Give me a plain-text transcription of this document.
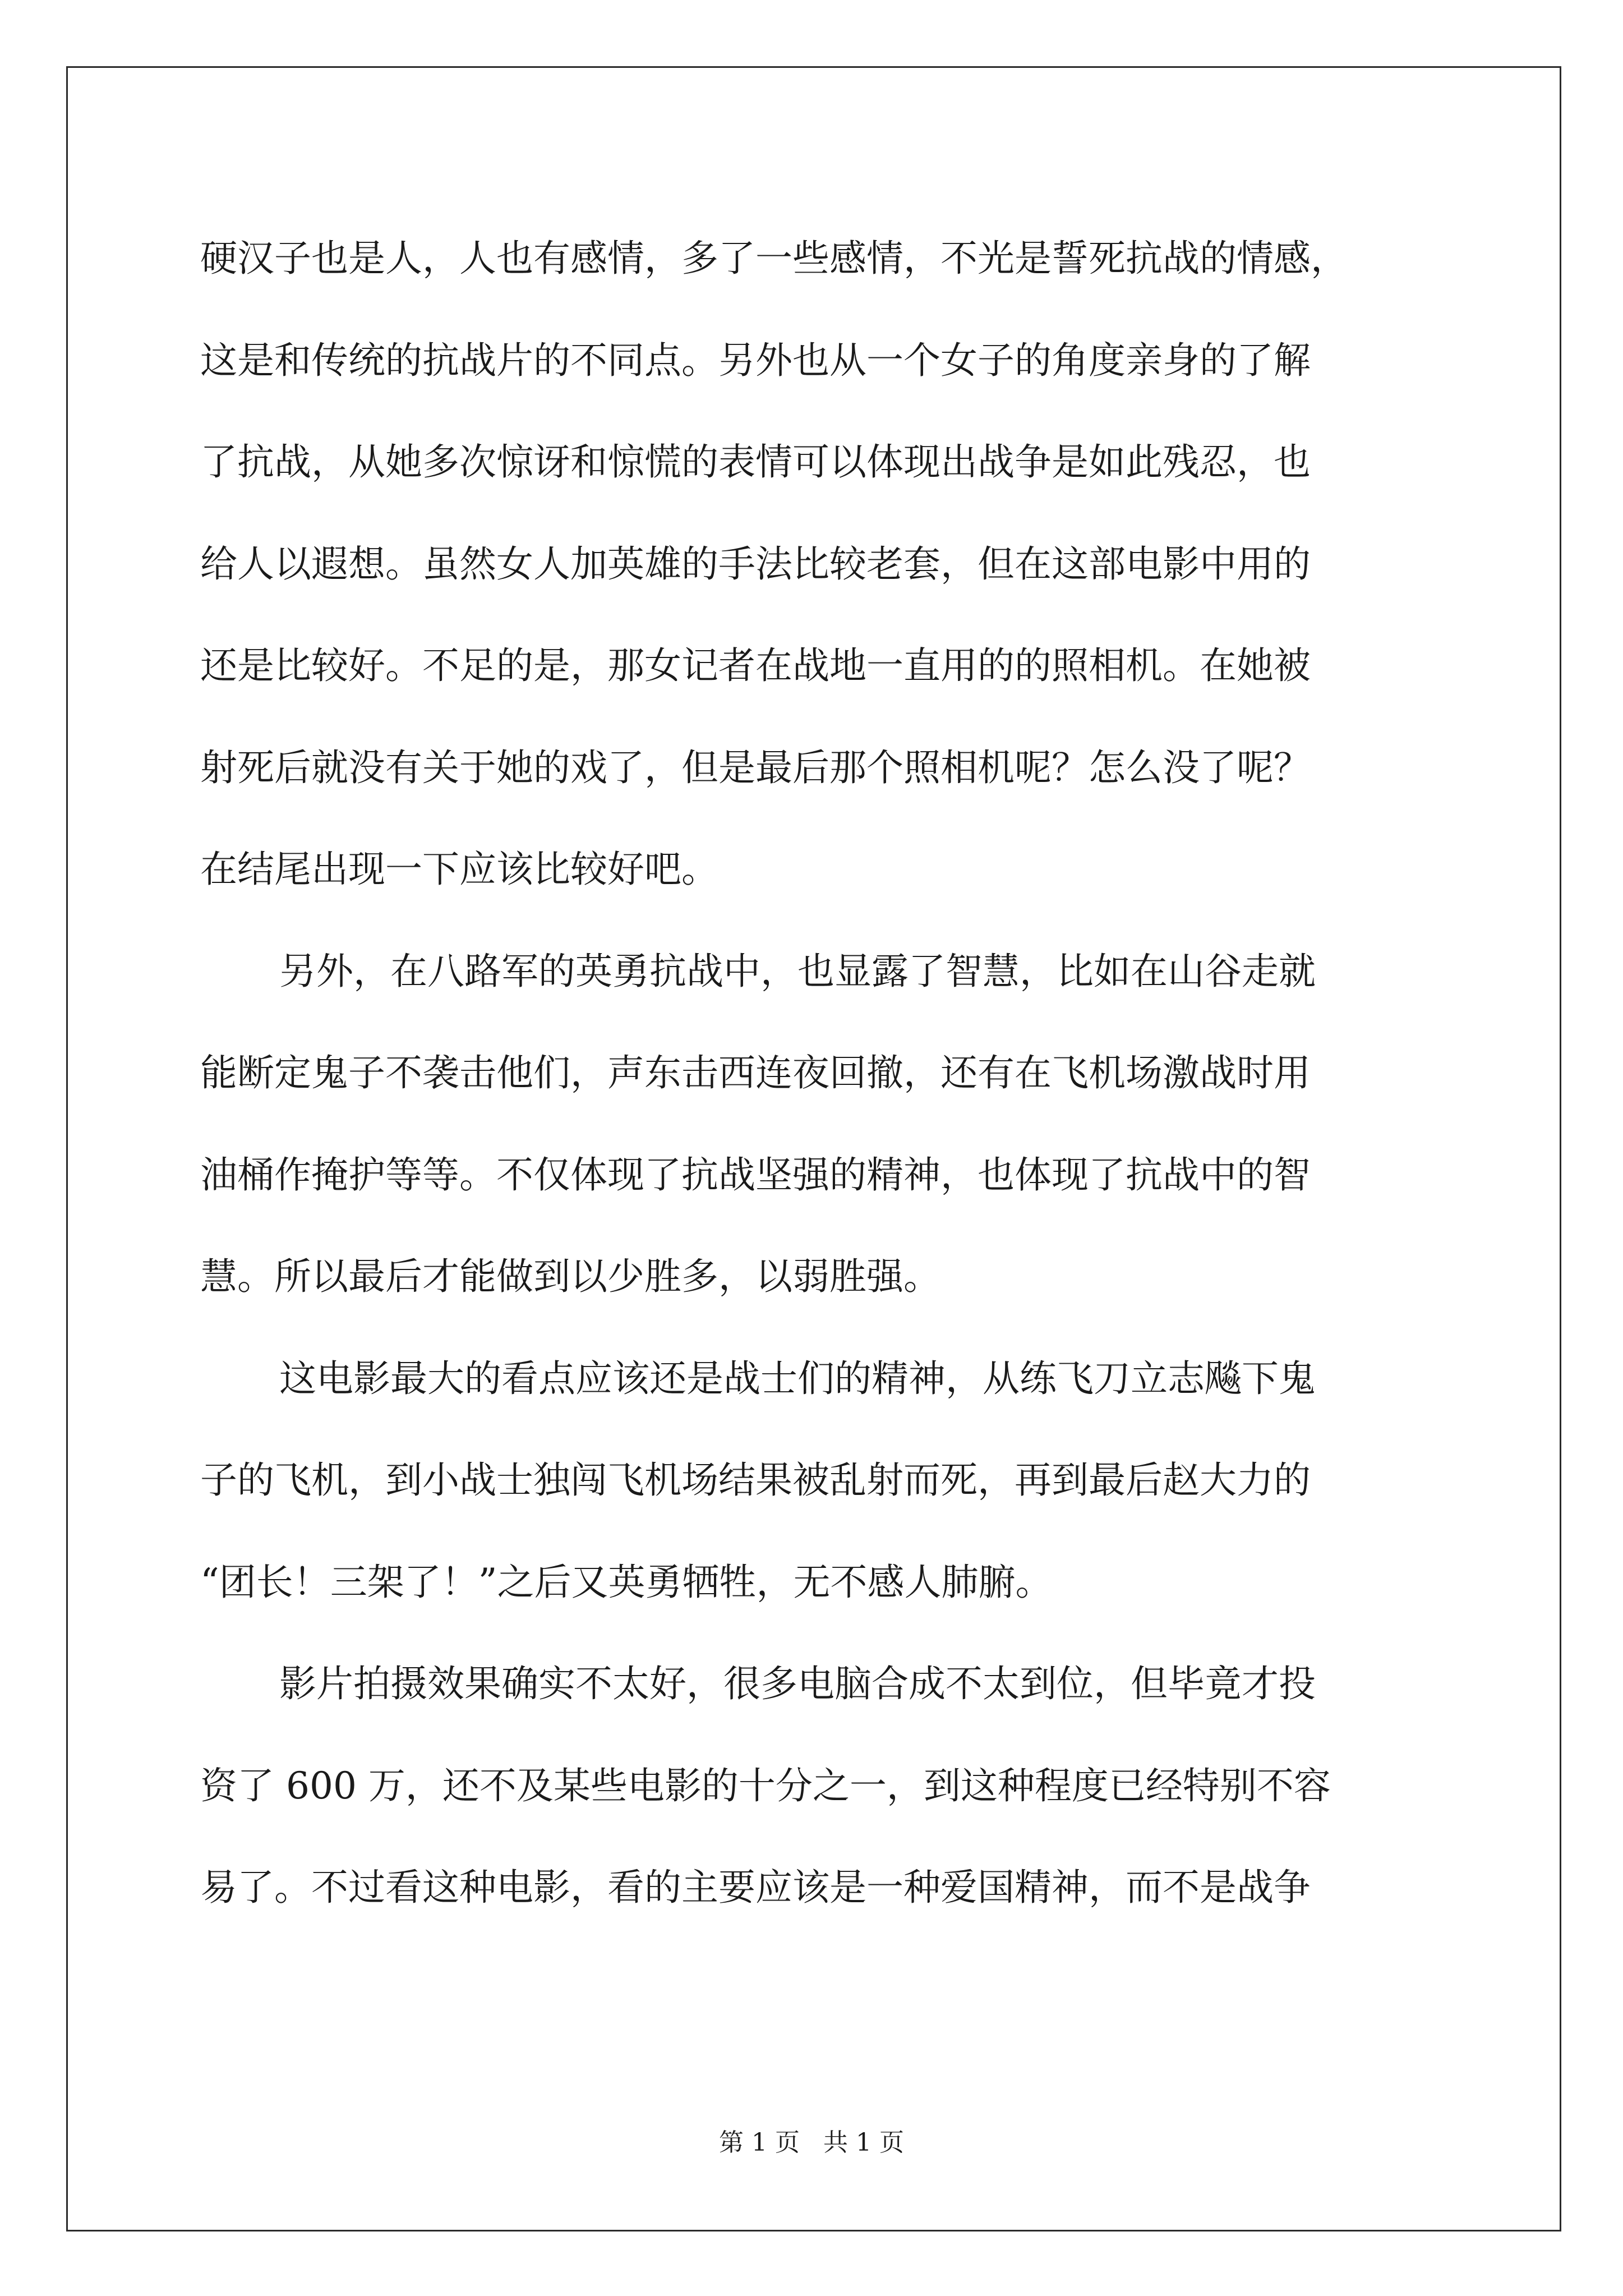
硬汉子也是人，人也有感情，多了一些感情，不光是誓死抗战的情感，
这是和传统的抗战片的不同点。另外也从一个女子的角度亲身的了解
了抗战，从她多次惊讶和惊慌的表情可以体现出战争是如此残忍，也
给人以遐想。虽然女人加英雄的手法比较老套，但在这部电影中用的
还是比较好。不足的是，那女记者在战地一直用的的照相机。在她被
射死后就没有关于她的戏了，但是最后那个照相机呢？怎么没了呢？
在结尾出现一下应该比较好吧。
另外，在八路军的英勇抗战中，也显露了智慧，比如在山谷走就
能断定鬼子不袭击他们，声东击西连夜回撤，还有在飞机场激战时用
油桶作掩护等等。不仅体现了抗战坚强的精神，也体现了抗战中的智
慧。所以最后才能做到以少胜多，以弱胜强。
这电影最大的看点应该还是战士们的精神，从练飞刀立志飚下鬼
子的飞机，到小战士独闯飞机场结果被乱射而死，再到最后赵大力的
“团长！三架了！”之后又英勇牺牲，无不感人肺腑。
影片拍摄效果确实不太好，很多电脑合成不太到位，但毕竟才投
资了 600 万，还不及某些电影的十分之一，到这种程度已经特别不容
易了。不过看这种电影，看的主要应该是一种爱国精神，而不是战争
第 1 页   共 1 页
